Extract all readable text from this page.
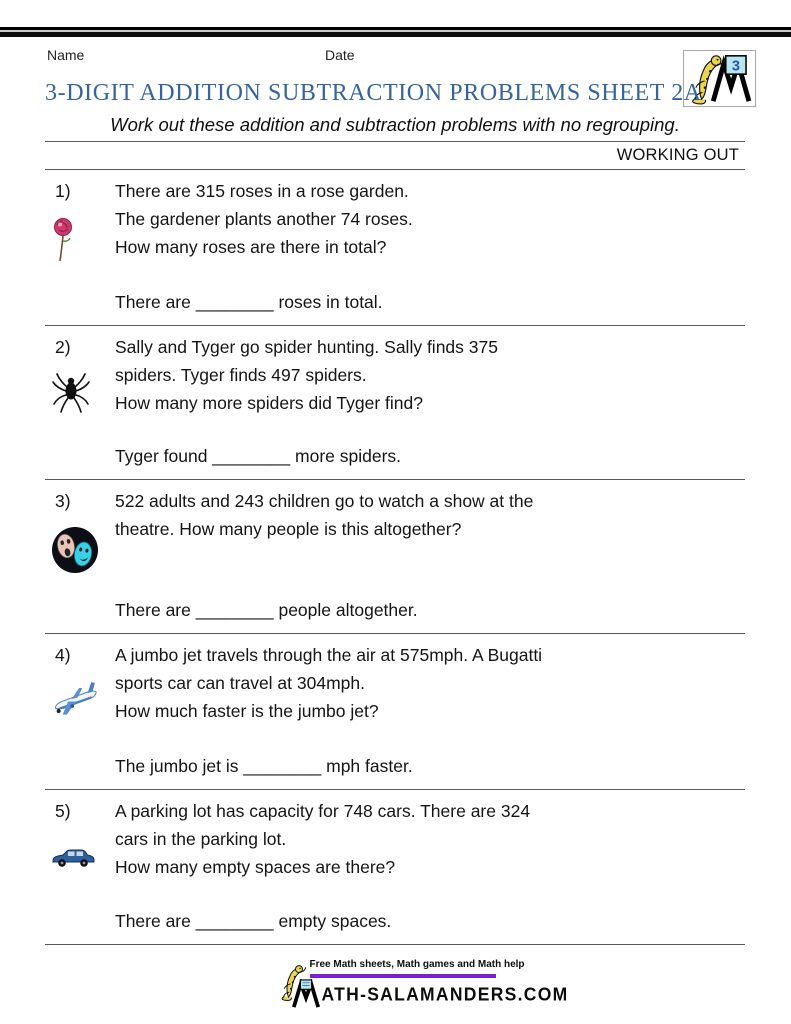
Name	Date
3
3-DIGIT ADDITION SUBTRACTION PROBLEMS SHEET 2A
Work out these addition and subtraction problems with no regrouping.
WORKING OUT
1)	There are 315 roses in a rose garden.
The gardener plants another 74 roses.
How many roses are there in total?
There are ________ roses in total.
2)	Sally and Tyger go spider hunting. Sally finds 375
spiders. Tyger finds 497 spiders.
How many more spiders did Tyger find?
Tyger found ________ more spiders.
3)	522 adults and 243 children go to watch a show at the
theatre. How many people is this altogether?
There are ________ people altogether.
4)	A jumbo jet travels through the air at 575mph. A Bugatti
sports car can travel at 304mph.
How much faster is the jumbo jet?
The jumbo jet is ________ mph faster.
5)	A parking lot has capacity for 748 cars. There are 324
cars in the parking lot.
How many empty spaces are there?
There are ________ empty spaces.
Free Math sheets, Math games and Math help
ATH-SALAMANDERS.COM
